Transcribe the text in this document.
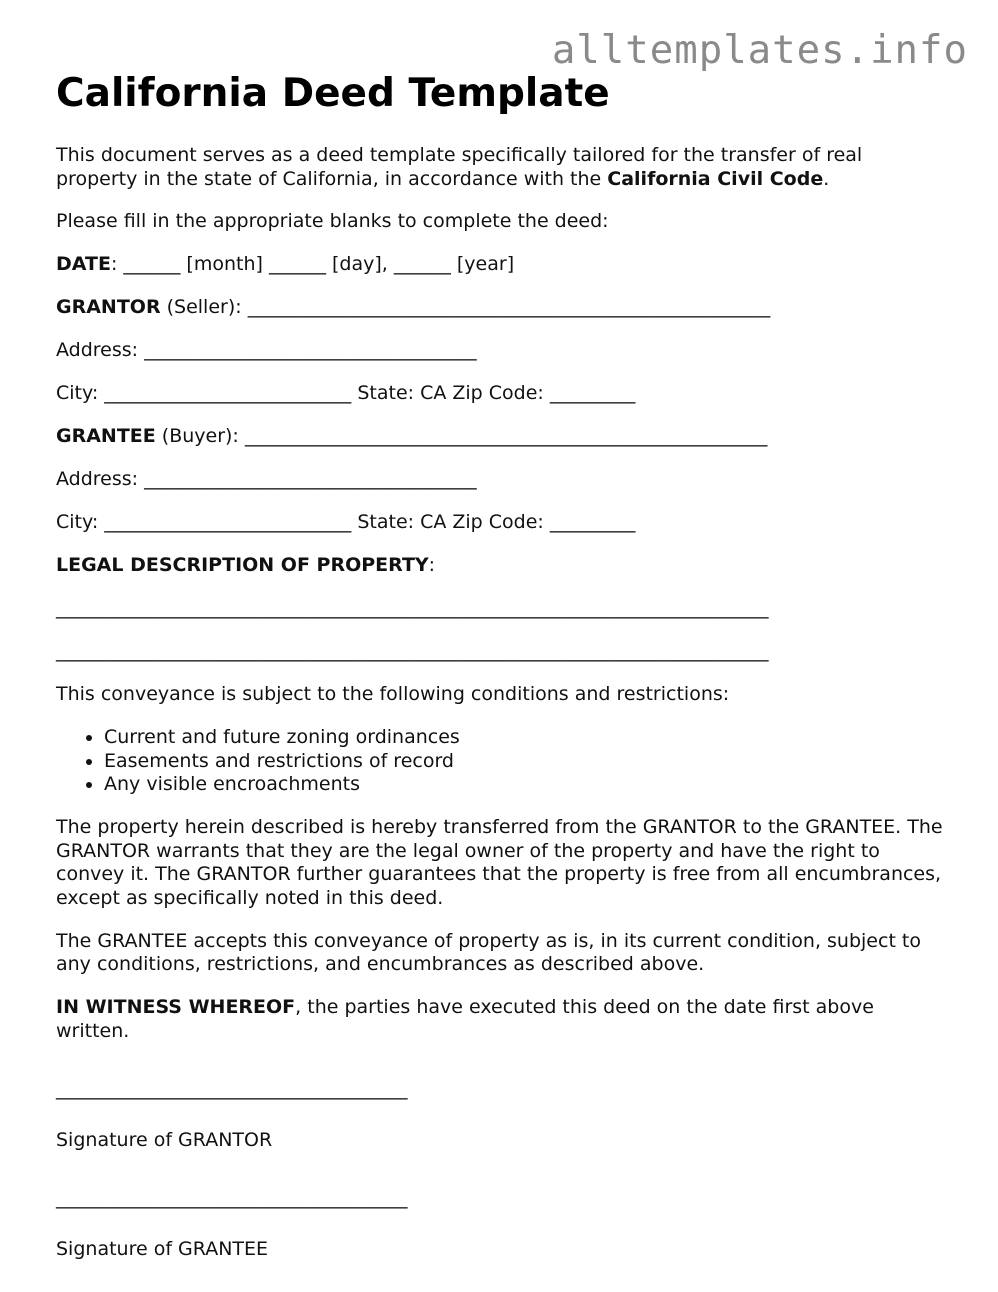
alltemplates.info
California Deed Template

This document serves as a deed template specifically tailored for the transfer of real property in the state of California, in accordance with the California Civil Code.

Please fill in the appropriate blanks to complete the deed:

DATE: ______ [month] ______ [day], ______ [year]

GRANTOR (Seller): _______________________________________________________

Address: ___________________________________

City: __________________________ State: CA Zip Code: _________

GRANTEE (Buyer): _______________________________________________________

Address: ___________________________________

City: __________________________ State: CA Zip Code: _________

LEGAL DESCRIPTION OF PROPERTY:

___________________________________________________________________________

___________________________________________________________________________

This conveyance is subject to the following conditions and restrictions:

• Current and future zoning ordinances
• Easements and restrictions of record
• Any visible encroachments

The property herein described is hereby transferred from the GRANTOR to the GRANTEE. The GRANTOR warrants that they are the legal owner of the property and have the right to convey it. The GRANTOR further guarantees that the property is free from all encumbrances, except as specifically noted in this deed.

The GRANTEE accepts this conveyance of property as is, in its current condition, subject to any conditions, restrictions, and encumbrances as described above.

IN WITNESS WHEREOF, the parties have executed this deed on the date first above written.

_____________________________________

Signature of GRANTOR

_____________________________________

Signature of GRANTEE
